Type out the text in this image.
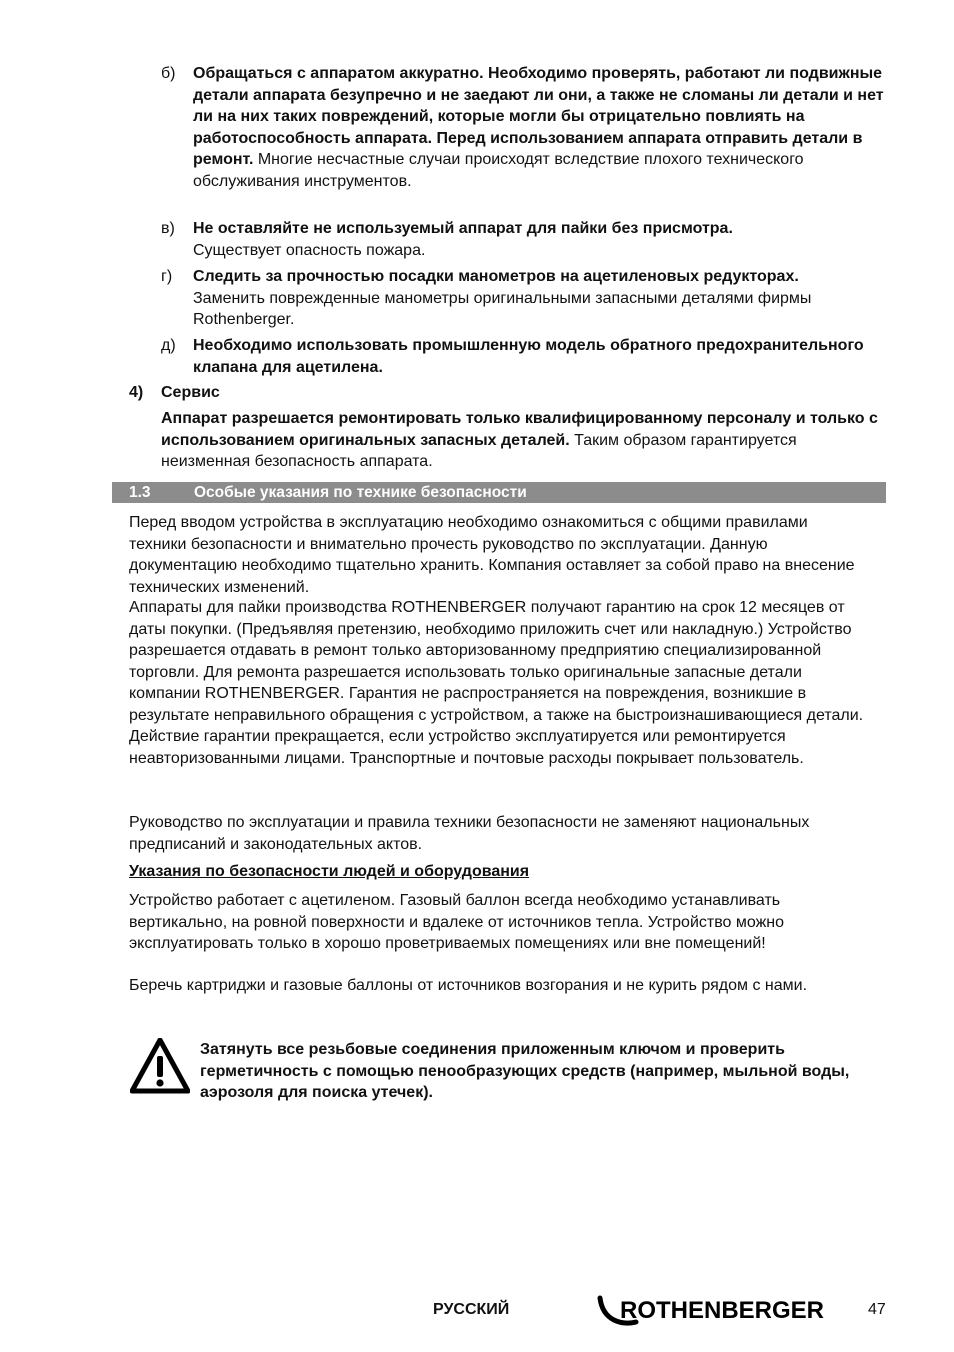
б) Обращаться с аппаратом аккуратно. Необходимо проверять, работают ли подвижные детали аппарата безупречно и не заедают ли они, а также не сломаны ли детали и нет ли на них таких повреждений, которые могли бы отрицательно повлиять на работоспособность аппарата. Перед использованием аппарата отправить детали в ремонт. Многие несчастные случаи происходят вследствие плохого технического обслуживания инструментов.
в) Не оставляйте не используемый аппарат для пайки без присмотра.
Существует опасность пожара.
г) Следить за прочностью посадки манометров на ацетиленовых редукторах.
Заменить поврежденные манометры оригинальными запасными деталями фирмы Rothenberger.
д) Необходимо использовать промышленную модель обратного предохранительного клапана для ацетилена.
4) Сервис
Аппарат разрешается ремонтировать только квалифицированному персоналу и только с использованием оригинальных запасных деталей. Таким образом гарантируется неизменная безопасность аппарата.
1.3	Особые указания по технике безопасности
Перед вводом устройства в эксплуатацию необходимо ознакомиться с общими правилами техники безопасности и внимательно прочесть руководство по эксплуатации. Данную документацию необходимо тщательно хранить. Компания оставляет за собой право на внесение технических изменений.
Аппараты для пайки производства ROTHENBERGER получают гарантию на срок 12 месяцев от даты покупки. (Предъявляя претензию, необходимо приложить счет или накладную.) Устройство разрешается отдавать в ремонт только авторизованному предприятию специализированной торговли. Для ремонта разрешается использовать только оригинальные запасные детали компании ROTHENBERGER. Гарантия не распространяется на повреждения, возникшие в результате неправильного обращения с устройством, а также на быстроизнашивающиеся детали. Действие гарантии прекращается, если устройство эксплуатируется или ремонтируется неавторизованными лицами. Транспортные и почтовые расходы покрывает пользователь.
Руководство по эксплуатации и правила техники безопасности не заменяют национальных предписаний и законодательных актов.
Указания по безопасности людей и оборудования
Устройство работает с ацетиленом. Газовый баллон всегда необходимо устанавливать вертикально, на ровной поверхности и вдалеке от источников тепла. Устройство можно эксплуатировать только в хорошо проветриваемых помещениях или вне помещений!
Беречь картриджи и газовые баллоны от источников возгорания и не курить рядом с нами.
Затянуть все резьбовые соединения приложенным ключом и проверить герметичность с помощью пенообразующих средств (например, мыльной воды, аэрозоля для поиска утечек).
РУССКИЙ	ROTHENBERGER	47
